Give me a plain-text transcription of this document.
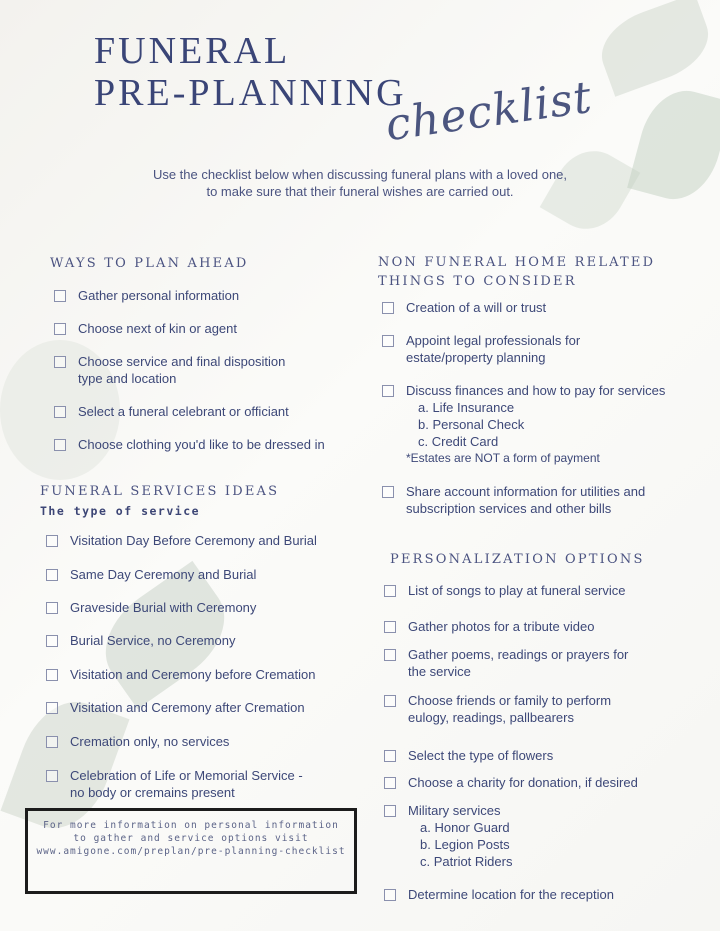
FUNERAL
PRE-PLANNING
checklist
Use the checklist below when discussing funeral plans with a loved one,
to make sure that their funeral wishes are carried out.
WAYS TO PLAN AHEAD
Gather personal information
Choose next of kin or agent
Choose service and final disposition
type and location
Select a funeral celebrant or officiant
Choose clothing you'd like to be dressed in
FUNERAL SERVICES IDEAS
The type of service
Visitation Day Before Ceremony and Burial
Same Day Ceremony and Burial
Graveside Burial with Ceremony
Burial Service, no Ceremony
Visitation and Ceremony before Cremation
Visitation and Ceremony after Cremation
Cremation only, no services
Celebration of Life or Memorial Service -
no body or cremains present
NON FUNERAL HOME RELATED
THINGS TO CONSIDER
Creation of a will or trust
Appoint legal professionals for
estate/property planning
Discuss finances and how to pay for services
a. Life Insurance
b. Personal Check
c. Credit Card
*Estates are NOT a form of payment
Share account information for utilities and
subscription services and other bills
PERSONALIZATION OPTIONS
List of songs to play at funeral service
Gather photos for a tribute video
Gather poems, readings or prayers for
the service
Choose friends or family to perform
eulogy, readings, pallbearers
Select the type of flowers
Choose a charity for donation, if desired
Military services
a. Honor Guard
b. Legion Posts
c. Patriot Riders
Determine location for the reception
For more information on personal information
to gather and service options visit
www.amigone.com/preplan/pre-planning-checklist
